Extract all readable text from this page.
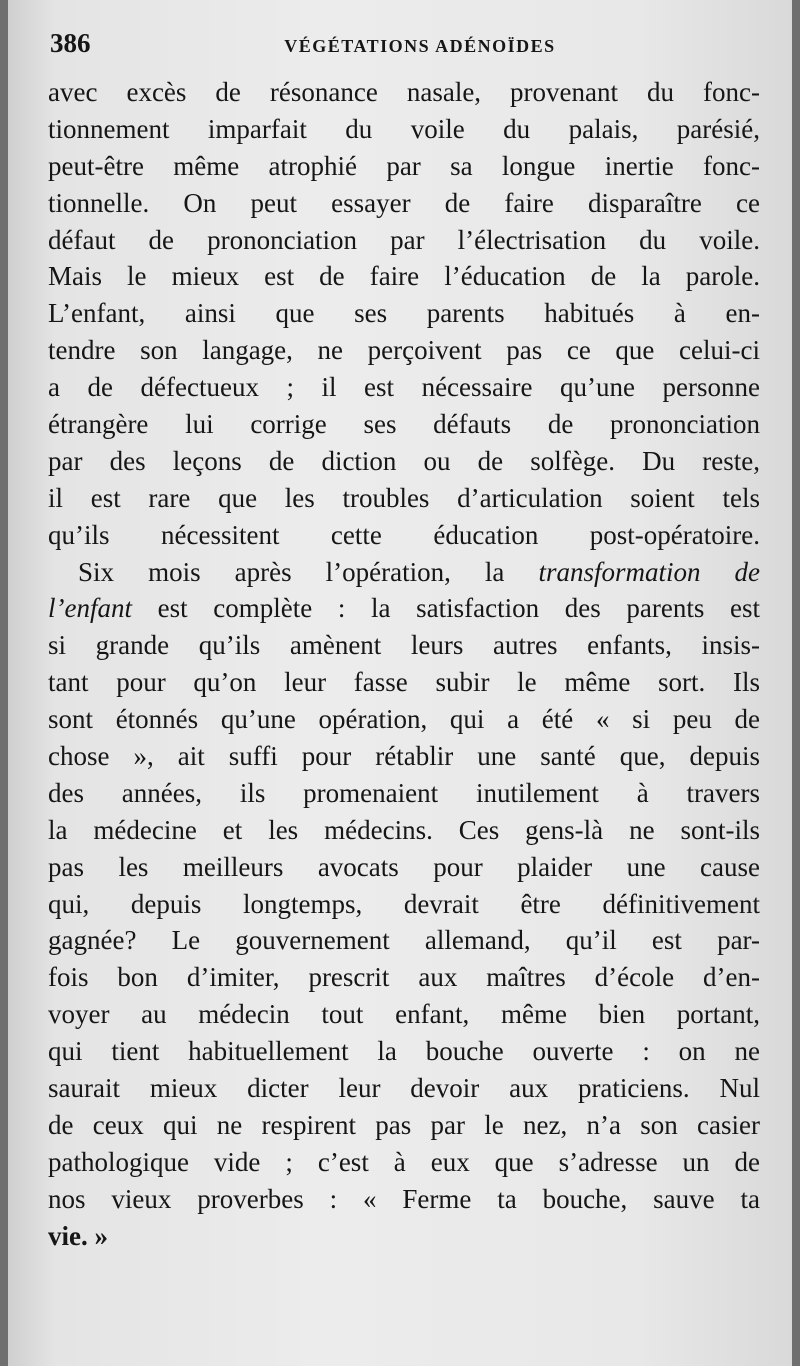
386	VÉGÉTATIONS ADÉNOÏDES
avec excès de résonance nasale, provenant du fonc-
tionnement imparfait du voile du palais, parésié,
peut-être même atrophié par sa longue inertie fonc-
tionnelle. On peut essayer de faire disparaître ce
défaut de prononciation par l’électrisation du voile.
Mais le mieux est de faire l’éducation de la parole.
L’enfant, ainsi que ses parents habitués à en-
tendre son langage, ne perçoivent pas ce que celui-ci
a de défectueux ; il est nécessaire qu’une personne
étrangère lui corrige ses défauts de prononciation
par des leçons de diction ou de solfège. Du reste,
il est rare que les troubles d’articulation soient tels
qu’ils nécessitent cette éducation post-opératoire.
Six mois après l’opération, la transformation de
l’enfant est complète : la satisfaction des parents est
si grande qu’ils amènent leurs autres enfants, insis-
tant pour qu’on leur fasse subir le même sort. Ils
sont étonnés qu’une opération, qui a été « si peu de
chose », ait suffi pour rétablir une santé que, depuis
des années, ils promenaient inutilement à travers
la médecine et les médecins. Ces gens-là ne sont-ils
pas les meilleurs avocats pour plaider une cause
qui, depuis longtemps, devrait être définitivement
gagnée? Le gouvernement allemand, qu’il est par-
fois bon d’imiter, prescrit aux maîtres d’école d’en-
voyer au médecin tout enfant, même bien portant,
qui tient habituellement la bouche ouverte : on ne
saurait mieux dicter leur devoir aux praticiens. Nul
de ceux qui ne respirent pas par le nez, n’a son casier
pathologique vide ; c’est à eux que s’adresse un de
nos vieux proverbes : « Ferme ta bouche, sauve ta
vie. »
